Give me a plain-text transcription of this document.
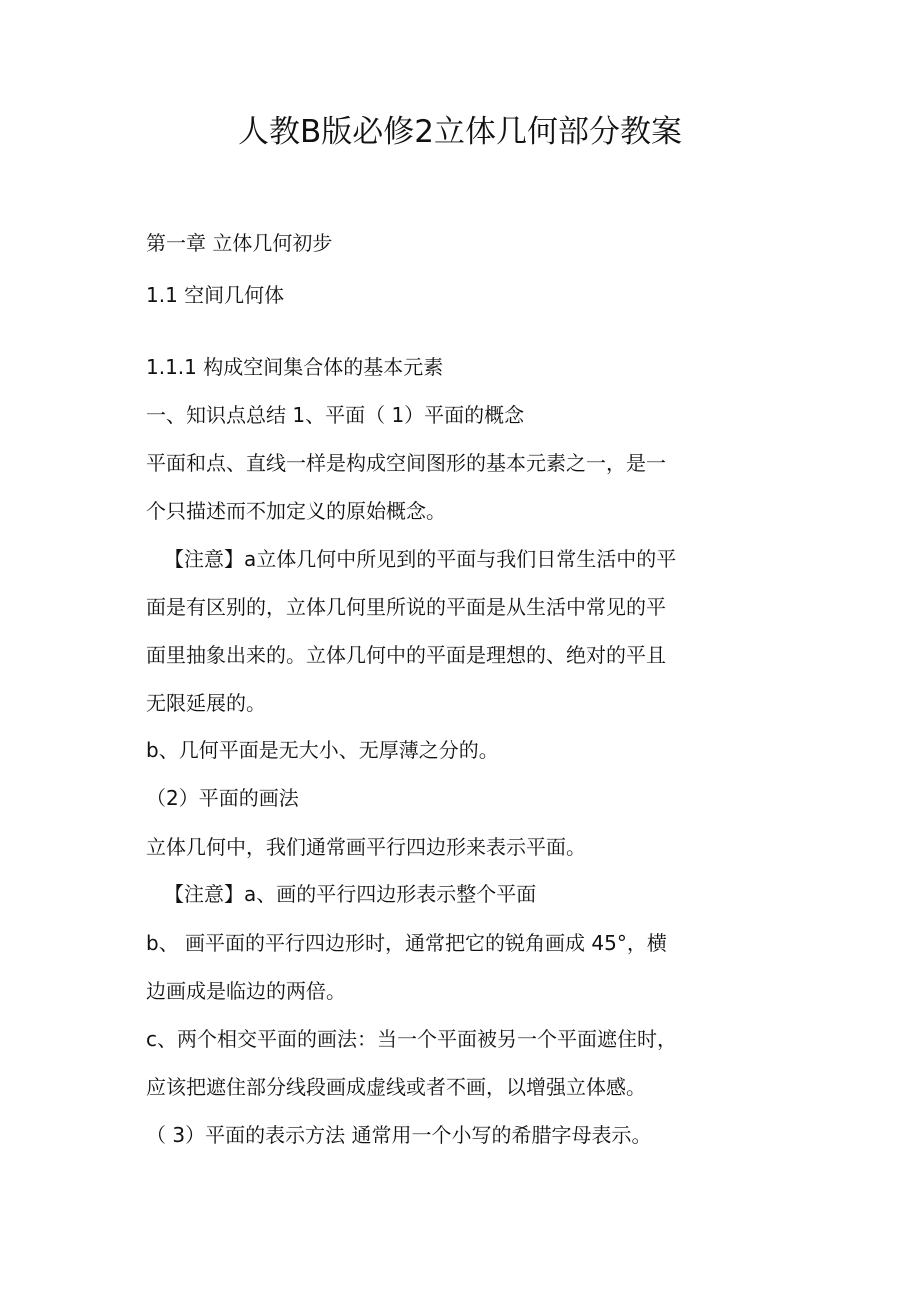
人教B版必修2立体几何部分教案
第一章 立体几何初步
1.1 空间几何体
1.1.1 构成空间集合体的基本元素
一、知识点总结 1、平面（ 1）平面的概念
平面和点、直线一样是构成空间图形的基本元素之一，是一
个只描述而不加定义的原始概念。
【注意】a立体几何中所见到的平面与我们日常生活中的平
面是有区别的，立体几何里所说的平面是从生活中常见的平
面里抽象出来的。立体几何中的平面是理想的、绝对的平且
无限延展的。
b、几何平面是无大小、无厚薄之分的。
（2）平面的画法
立体几何中，我们通常画平行四边形来表示平面。
【注意】a、画的平行四边形表示整个平面
b、 画平面的平行四边形时，通常把它的锐角画成 45°，横
边画成是临边的两倍。
c、两个相交平面的画法：当一个平面被另一个平面遮住时，
应该把遮住部分线段画成虚线或者不画，以增强立体感。
（ 3）平面的表示方法 通常用一个小写的希腊字母表示。
